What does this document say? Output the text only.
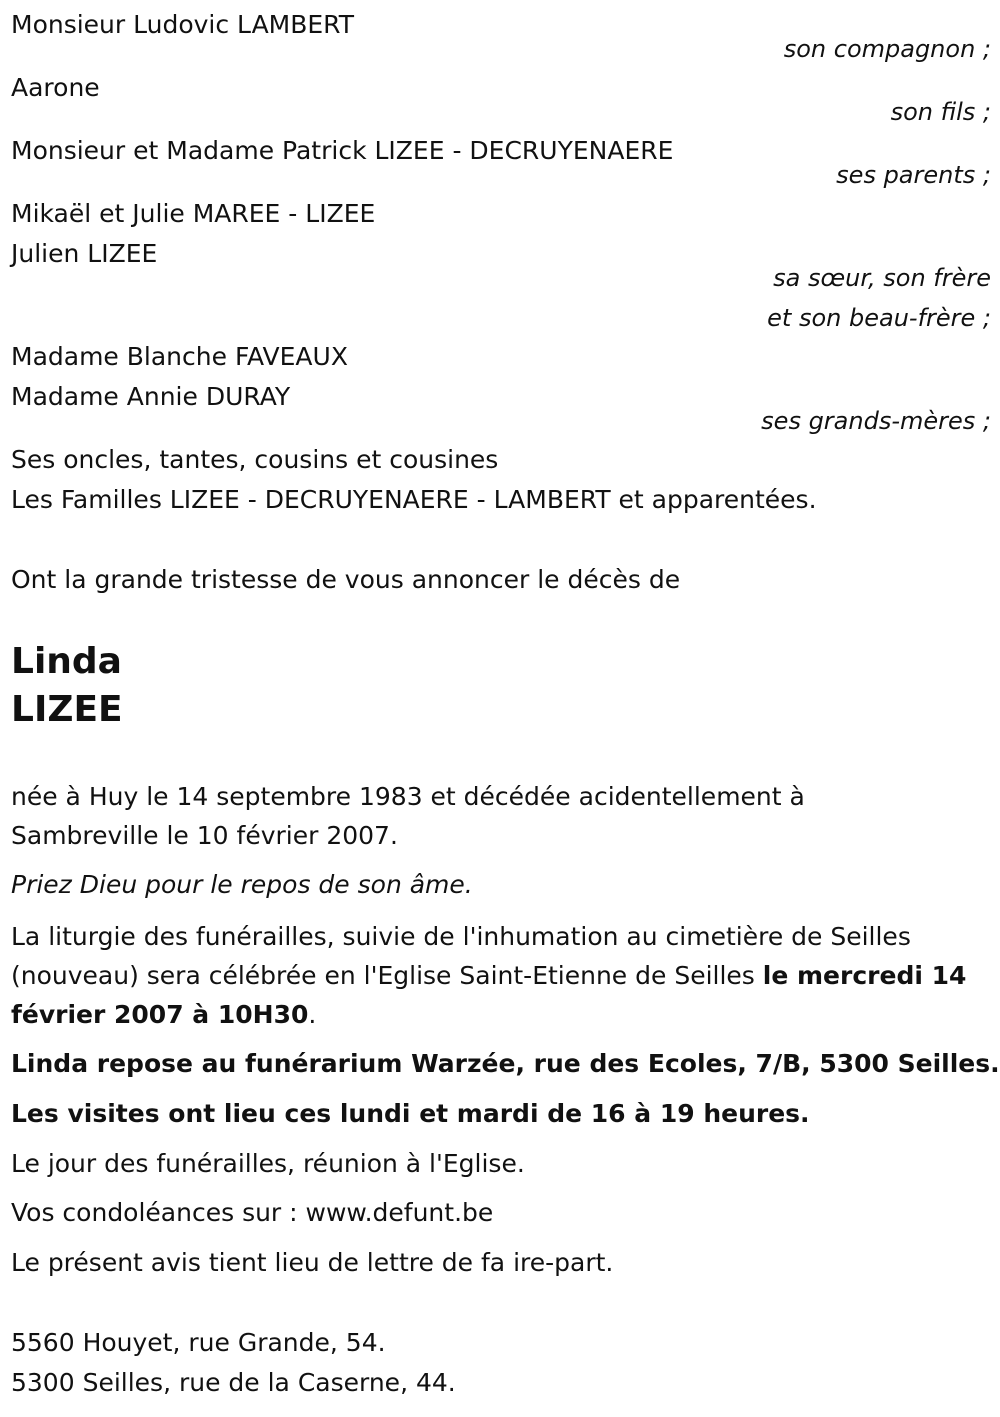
Monsieur Ludovic LAMBERT
son compagnon ;
Aarone
son fils ;
Monsieur et Madame Patrick LIZEE - DECRUYENAERE
ses parents ;
Mikaël et Julie MAREE - LIZEE
Julien LIZEE
sa sœur, son frère
et son beau-frère ;
Madame Blanche FAVEAUX
Madame Annie DURAY
ses grands-mères ;
Ses oncles, tantes, cousins et cousines
Les Familles LIZEE - DECRUYENAERE - LAMBERT et apparentées.
Ont la grande tristesse de vous annoncer le décès de
Linda
LIZEE
née à Huy le 14 septembre 1983 et décédée acidentellement à Sambreville le 10 février 2007.
Priez Dieu pour le repos de son âme.
La liturgie des funérailles, suivie de l'inhumation au cimetière de Seilles (nouveau) sera célébrée en l'Eglise Saint-Etienne de Seilles le mercredi 14 février 2007 à 10H30.
Linda repose au funérarium Warzée, rue des Ecoles, 7/B, 5300 Seilles.
Les visites ont lieu ces lundi et mardi de 16 à 19 heures.
Le jour des funérailles, réunion à l'Eglise.
Vos condoléances sur : www.defunt.be
Le présent avis tient lieu de lettre de fa ire-part.
5560 Houyet, rue Grande, 54.
5300 Seilles, rue de la Caserne, 44.
